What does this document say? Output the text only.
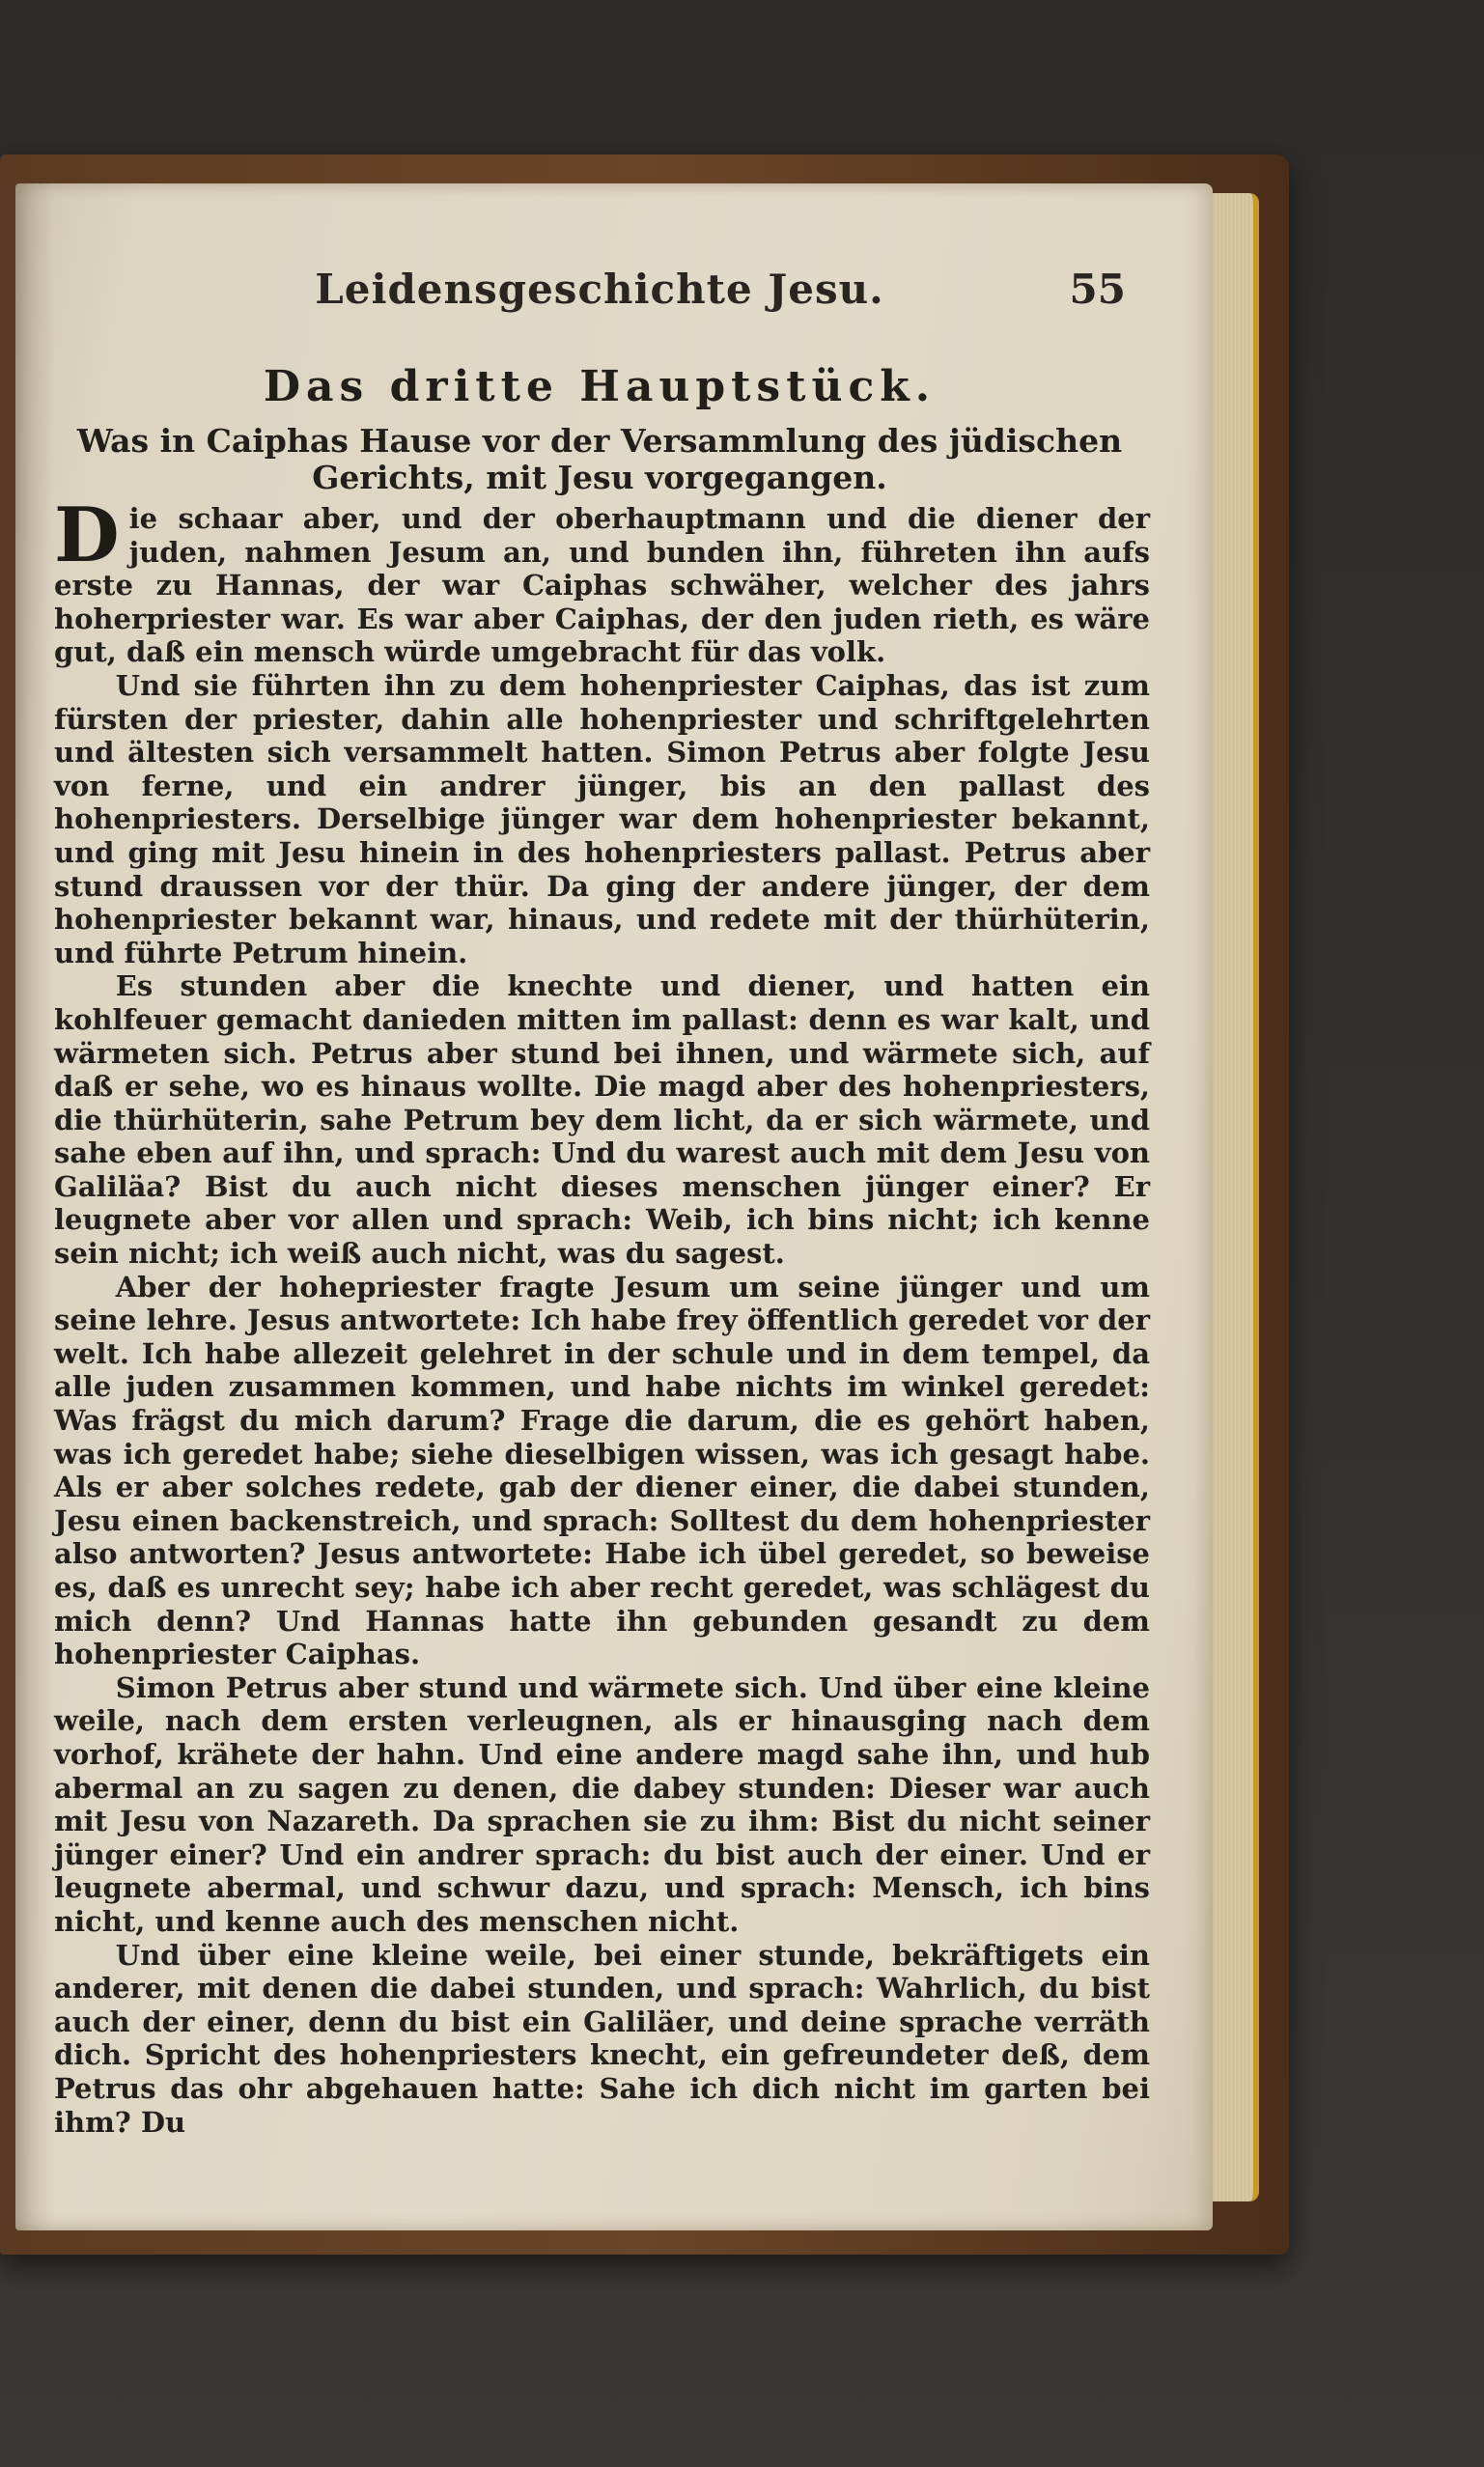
Leidensgeschichte Jesu.	55
Das dritte Hauptstück.
Was in Caiphas Hause vor der Versammlung des jüdischen Gerichts, mit Jesu vorgegangen.

Die schaar aber, und der oberhauptmann und die diener der juden, nahmen Jesum an, und bunden ihn, führeten ihn aufs erste zu Hannas, der war Caiphas schwäher, welcher des jahrs hoherpriester war. Es war aber Caiphas, der den juden rieth, es wäre gut, daß ein mensch würde umgebracht für das volk.

Und sie führten ihn zu dem hohenpriester Caiphas, das ist zum fürsten der priester, dahin alle hohenpriester und schriftgelehrten und ältesten sich versammelt hatten. Simon Petrus aber folgte Jesu von ferne, und ein andrer jünger, bis an den pallast des hohenpriesters. Derselbige jünger war dem hohenpriester bekannt, und ging mit Jesu hinein in des hohenpriesters pallast. Petrus aber stund draussen vor der thür. Da ging der andere jünger, der dem hohenpriester bekannt war, hinaus, und redete mit der thürhüterin, und führte Petrum hinein.

Es stunden aber die knechte und diener, und hatten ein kohlfeuer gemacht danieden mitten im pallast: denn es war kalt, und wärmeten sich. Petrus aber stund bei ihnen, und wärmete sich, auf daß er sehe, wo es hinaus wollte. Die magd aber des hohenpriesters, die thürhüterin, sahe Petrum bey dem licht, da er sich wärmete, und sahe eben auf ihn, und sprach: Und du warest auch mit dem Jesu von Galiläa? Bist du auch nicht dieses menschen jünger einer? Er leugnete aber vor allen und sprach: Weib, ich bins nicht; ich kenne sein nicht; ich weiß auch nicht, was du sagest.

Aber der hohepriester fragte Jesum um seine jünger und um seine lehre. Jesus antwortete: Ich habe frey öffentlich geredet vor der welt. Ich habe allezeit gelehret in der schule und in dem tempel, da alle juden zusammen kommen, und habe nichts im winkel geredet: Was frägst du mich darum? Frage die darum, die es gehört haben, was ich geredet habe; siehe dieselbigen wissen, was ich gesagt habe. Als er aber solches redete, gab der diener einer, die dabei stunden, Jesu einen backenstreich, und sprach: Solltest du dem hohenpriester also antworten? Jesus antwortete: Habe ich übel geredet, so beweise es, daß es unrecht sey; habe ich aber recht geredet, was schlägest du mich denn? Und Hannas hatte ihn gebunden gesandt zu dem hohenpriester Caiphas.

Simon Petrus aber stund und wärmete sich. Und über eine kleine weile, nach dem ersten verleugnen, als er hinausging nach dem vorhof, krähete der hahn. Und eine andere magd sahe ihn, und hub abermal an zu sagen zu denen, die dabey stunden: Dieser war auch mit Jesu von Nazareth. Da sprachen sie zu ihm: Bist du nicht seiner jünger einer? Und ein andrer sprach: du bist auch der einer. Und er leugnete abermal, und schwur dazu, und sprach: Mensch, ich bins nicht, und kenne auch des menschen nicht.

Und über eine kleine weile, bei einer stunde, bekräftigets ein anderer, mit denen die dabei stunden, und sprach: Wahrlich, du bist auch der einer, denn du bist ein Galiläer, und deine sprache verräth dich. Spricht des hohenpriesters knecht, ein gefreundeter deß, dem Petrus das ohr abgehauen hatte: Sahe ich dich nicht im garten bei ihm? Du
